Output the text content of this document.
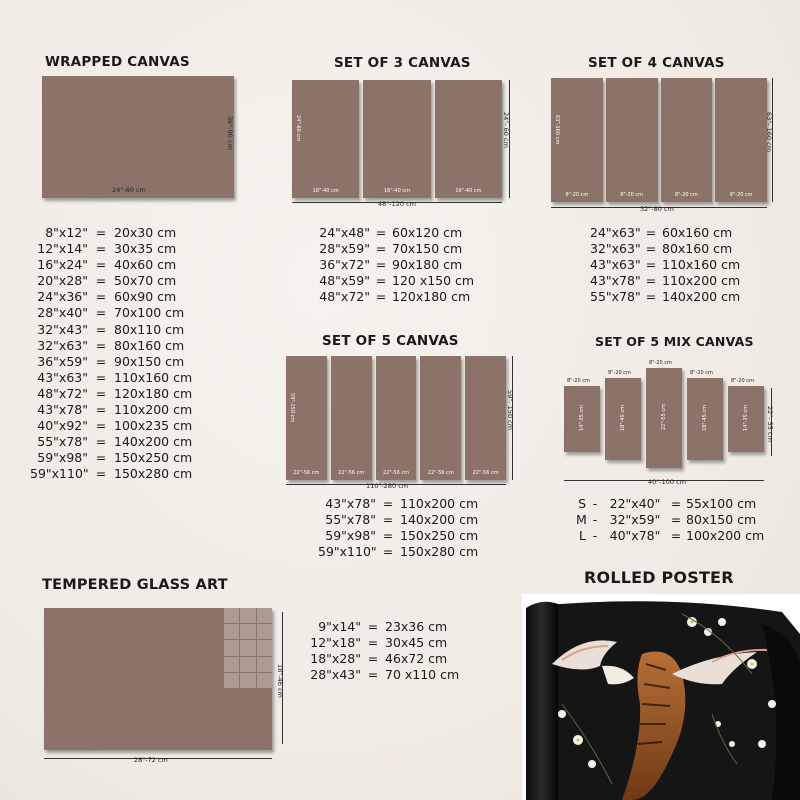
WRAPPED CANVAS
24"-60 cm
36"-90 cm
8"x12" = 20x30 cm
12"x14" = 30x35 cm
16"x24" = 40x60 cm
20"x28" = 50x70 cm
24"x36" = 60x90 cm
28"x40" = 70x100 cm
32"x43" = 80x110 cm
32"x63" = 80x160 cm
36"x59" = 90x150 cm
43"x63" = 110x160 cm
48"x72" = 120x180 cm
43"x78" = 110x200 cm
40"x92" = 100x235 cm
55"x78" = 140x200 cm
59"x98" = 150x250 cm
59"x110" = 150x280 cm
SET OF 3 CANVAS
16"-40 cm
24"-60 cm
16"-40 cm	16"-40 cm
48"-120 cm
24"- 60 cm
24"x48" = 60x120 cm
28"x59" = 70x150 cm
36"x72" = 90x180 cm
48"x59" = 120 x150 cm
48"x72" = 120x180 cm
SET OF 4 CANVAS
8"-20 cm
63"-160 cm
8"-20 cm	8"-20 cm	8"-20 cm
32"-80 cm
63"- 160 cm
24"x63" = 60x160 cm
32"x63" = 80x160 cm
43"x63" = 110x160 cm
43"x78" = 110x200 cm
55"x78" = 140x200 cm
SET OF 5 CANVAS
22"-56 cm
59"-150 cm
22"-56 cm	22"-56 cm	22"-56 cm	22"-56 cm
110"-280 cm
59"- 150 cm
43"x78" = 110x200 cm
55"x78" = 140x200 cm
59"x98" = 150x250 cm
59"x110" = 150x280 cm
SET OF 5 MIX CANVAS
8"-20 cm
14"-35 cm
8"-20 cm
18"-45 cm
8"-20 cm
22"-55 cm
8"-20 cm
18"-45 cm
8"-20 cm
14"-35 cm
40"-100 cm
22"- 55 cm
S - 22"x40" = 55x100 cm
M - 32"x59" = 80x150 cm
L - 40"x78" = 100x200 cm
TEMPERED GLASS ART
28"-72 cm
18"-46 cm
9"x14" = 23x36 cm
12"x18" = 30x45 cm
18"x28" = 46x72 cm
28"x43" = 70 x110 cm
ROLLED POSTER
